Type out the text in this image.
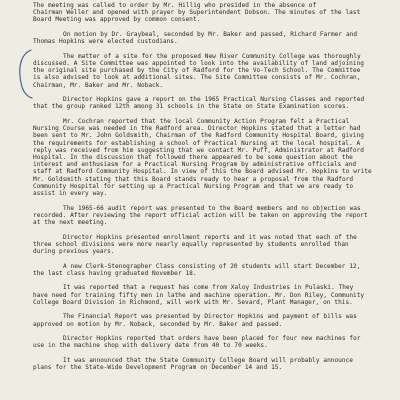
The meeting was called to order by Mr. Hillig who presided in the absence of
Chairman Weller and opened with prayer by Superintendent Dobson. The minutes of the last
Board Meeting was approved by common consent.
On motion by Dr. Graybeal, seconded by Mr. Baker and passed, Richard Farmer and
Thomas Hopkins were elected custodians.
The matter of a site for the proposed New River Community College was thoroughly
discussed. A Site Committee was appointed to look into the availability of land adjoining
the original site purchased by the City of Radford for the Vo-Tech School. The Committee
is also advised to look at additional sites. The Site Committee consists of Mr. Cochran,
Chairman, Mr. Baker and Mr. Noback.
Director Hopkins gave a report on the 1965 Practical Nursing Classes and reported
that the group ranked 12th among 31 schools in the State on State Examination scores.
Mr. Cochran reported that the local Community Action Program felt a Practical
Nursing Course was needed in the Radford area. Director Hopkins stated that a letter had
been sent to Mr. John Goldsmith, Chairman of the Radford Community Hospital Board, giving
the requirements for establishing a school of Practical Nursing at the local hospital. A
reply was received from him suggesting that we contact Mr. Puff, Administrator at Radford
Hospital. In the discussion that followed there appeared to be some question about the
interest and enthusiasm for a Practical Nursing Program by administrative officials and
staff at Radford Community Hospital. In view of this the Board advised Mr. Hopkins to write
Mr. Goldsmith stating that this Board stands ready to hear a proposal from the Radford
Community Hospital for setting up a Practical Nursing Program and that we are ready to
assist in every way.
The 1965-66 audit report was presented to the Board members and no objection was
recorded. After reviewing the report official action will be taken on approving the report
at the next meeting.
Director Hopkins presented enrollment reports and it was noted that each of the
three school divisions were more nearly equally represented by students enrolled than
during previous years.
A new Clerk-Stenographer Class consisting of 20 students will start December 12,
the last class having graduated November 18.
It was reported that a request has come from Xaloy Industries in Pulaski. They
have need for training fifty men in lathe and machine operation. Mr. Don Riley, Community
College Board Division in Richmond, will work with Mr. Sevard, Plant Manager, on this.
The Financial Report was presented by Director Hopkins and payment of bills was
approved on motion by Mr. Noback, seconded by Mr. Baker and passed.
Director Hopkins reported that orders have been placed for four new machines for
use in the machine shop with delivery date from 40 to 70 weeks.
It was announced that the State Community College Board will probably announce
plans for the State-Wide Development Program on December 14 and 15.
